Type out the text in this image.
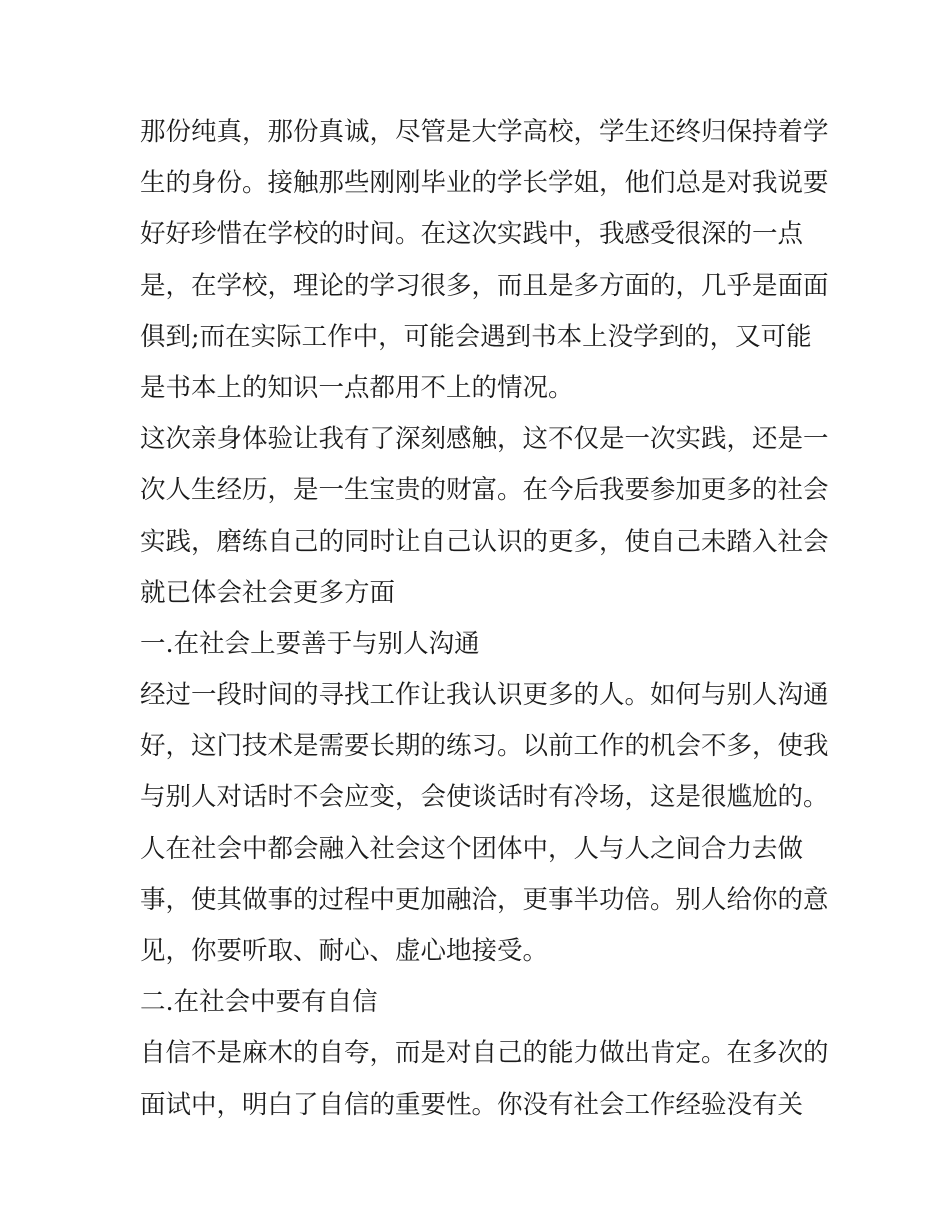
那份纯真，那份真诚，尽管是大学高校，学生还终归保持着学
生的身份。接触那些刚刚毕业的学长学姐，他们总是对我说要
好好珍惜在学校的时间。在这次实践中，我感受很深的一点
是，在学校，理论的学习很多，而且是多方面的，几乎是面面
俱到;而在实际工作中，可能会遇到书本上没学到的，又可能
是书本上的知识一点都用不上的情况。
这次亲身体验让我有了深刻感触，这不仅是一次实践，还是一
次人生经历，是一生宝贵的财富。在今后我要参加更多的社会
实践，磨练自己的同时让自己认识的更多，使自己未踏入社会
就已体会社会更多方面
一.在社会上要善于与别人沟通
经过一段时间的寻找工作让我认识更多的人。如何与别人沟通
好，这门技术是需要长期的练习。以前工作的机会不多，使我
与别人对话时不会应变，会使谈话时有冷场，这是很尴尬的。
人在社会中都会融入社会这个团体中，人与人之间合力去做
事，使其做事的过程中更加融洽，更事半功倍。别人给你的意
见，你要听取、耐心、虚心地接受。
二.在社会中要有自信
自信不是麻木的自夸，而是对自己的能力做出肯定。在多次的
面试中，明白了自信的重要性。你没有社会工作经验没有关
